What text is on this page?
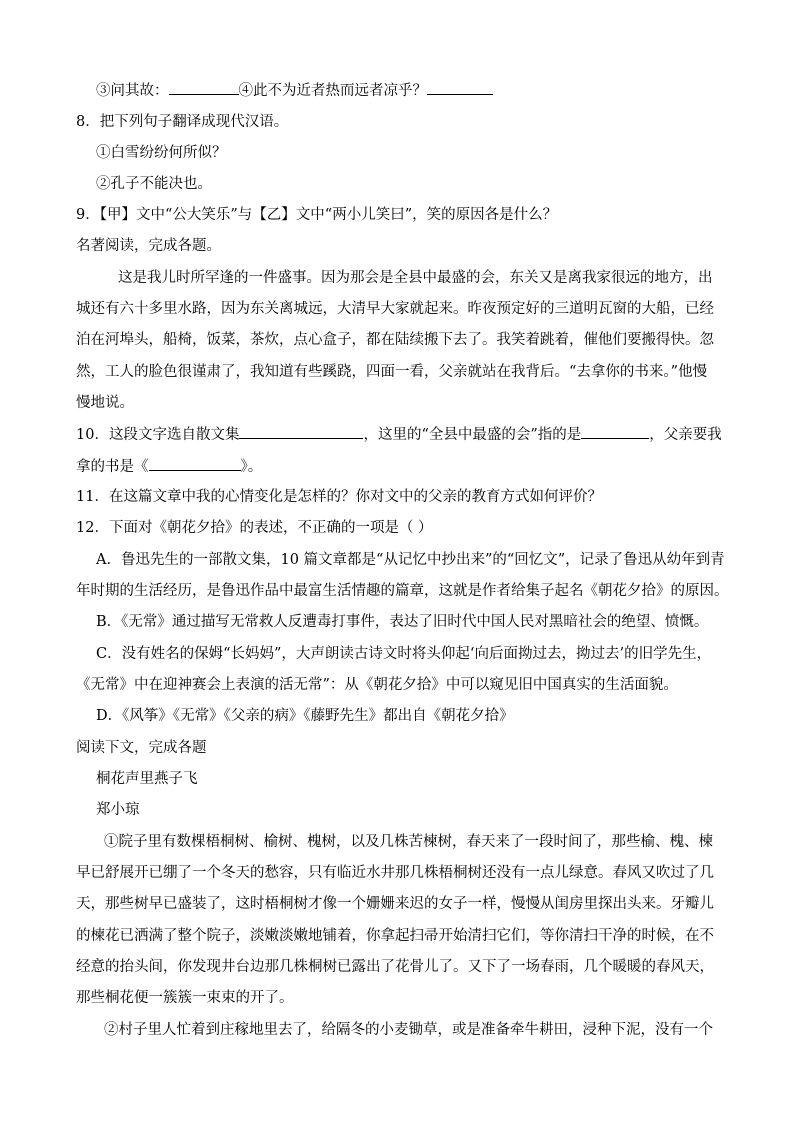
③问其故：	④此不为近者热而远者凉乎？
8．把下列句子翻译成现代汉语。
①白雪纷纷何所似？
②孔子不能决也。
9．【甲】文中“公大笑乐”与【乙】文中“两小儿笑曰”，笑的原因各是什么？
名著阅读，完成各题。
这是我儿时所罕逢的一件盛事。因为那会是全县中最盛的会，东关又是离我家很远的地方，出
城还有六十多里水路，因为东关离城远，大清早大家就起来。昨夜预定好的三道明瓦窗的大船，已经
泊在河埠头，船椅，饭菜，茶炊，点心盒子，都在陆续搬下去了。我笑着跳着，催他们要搬得快。忽
然，工人的脸色很谨肃了，我知道有些蹊跷，四面一看，父亲就站在我背后。“去拿你的书来。”他慢
慢地说。
10．这段文字选自散文集	，这里的“全县中最盛的会”指的是	，父亲要我
拿的书是《	》。
11．在这篇文章中我的心情变化是怎样的？你对文中的父亲的教育方式如何评价？
12．下面对《朝花夕拾》的表述，不正确的一项是（ ）
A．鲁迅先生的一部散文集，10 篇文章都是“从记忆中抄出来”的“回忆文”，记录了鲁迅从幼年到青
年时期的生活经历，是鲁迅作品中最富生活情趣的篇章，这就是作者给集子起名《朝花夕拾》的原因。
B．《无常》通过描写无常救人反遭毒打事件，表达了旧时代中国人民对黑暗社会的绝望、愤慨。
C．没有姓名的保姆“长妈妈”，大声朗读古诗文时将头仰起‘向后面拗过去，拗过去’的旧学先生，
《无常》中在迎神赛会上表演的活无常”：从《朝花夕拾》中可以窥见旧中国真实的生活面貌。
D．《风筝》《无常》《父亲的病》《藤野先生》都出自《朝花夕拾》
阅读下文，完成各题
桐花声里燕子飞
郑小琼
①院子里有数棵梧桐树、榆树、槐树，以及几株苦楝树，春天来了一段时间了，那些榆、槐、楝
早已舒展开已绷了一个冬天的愁容，只有临近水井那几株梧桐树还没有一点儿绿意。春风又吹过了几
天，那些树早已盛装了，这时梧桐树才像一个姗姗来迟的女子一样，慢慢从闺房里探出头来。牙瓣儿
的楝花已洒满了整个院子，淡嫩淡嫩地铺着，你拿起扫帚开始清扫它们，等你清扫干净的时候，在不
经意的抬头间，你发现井台边那几株桐树已露出了花骨儿了。又下了一场春雨，几个暖暖的春风天，
那些桐花便一簇簇一束束的开了。
②村子里人忙着到庄稼地里去了，给隔冬的小麦锄草，或是准备牵牛耕田，浸种下泥，没有一个
